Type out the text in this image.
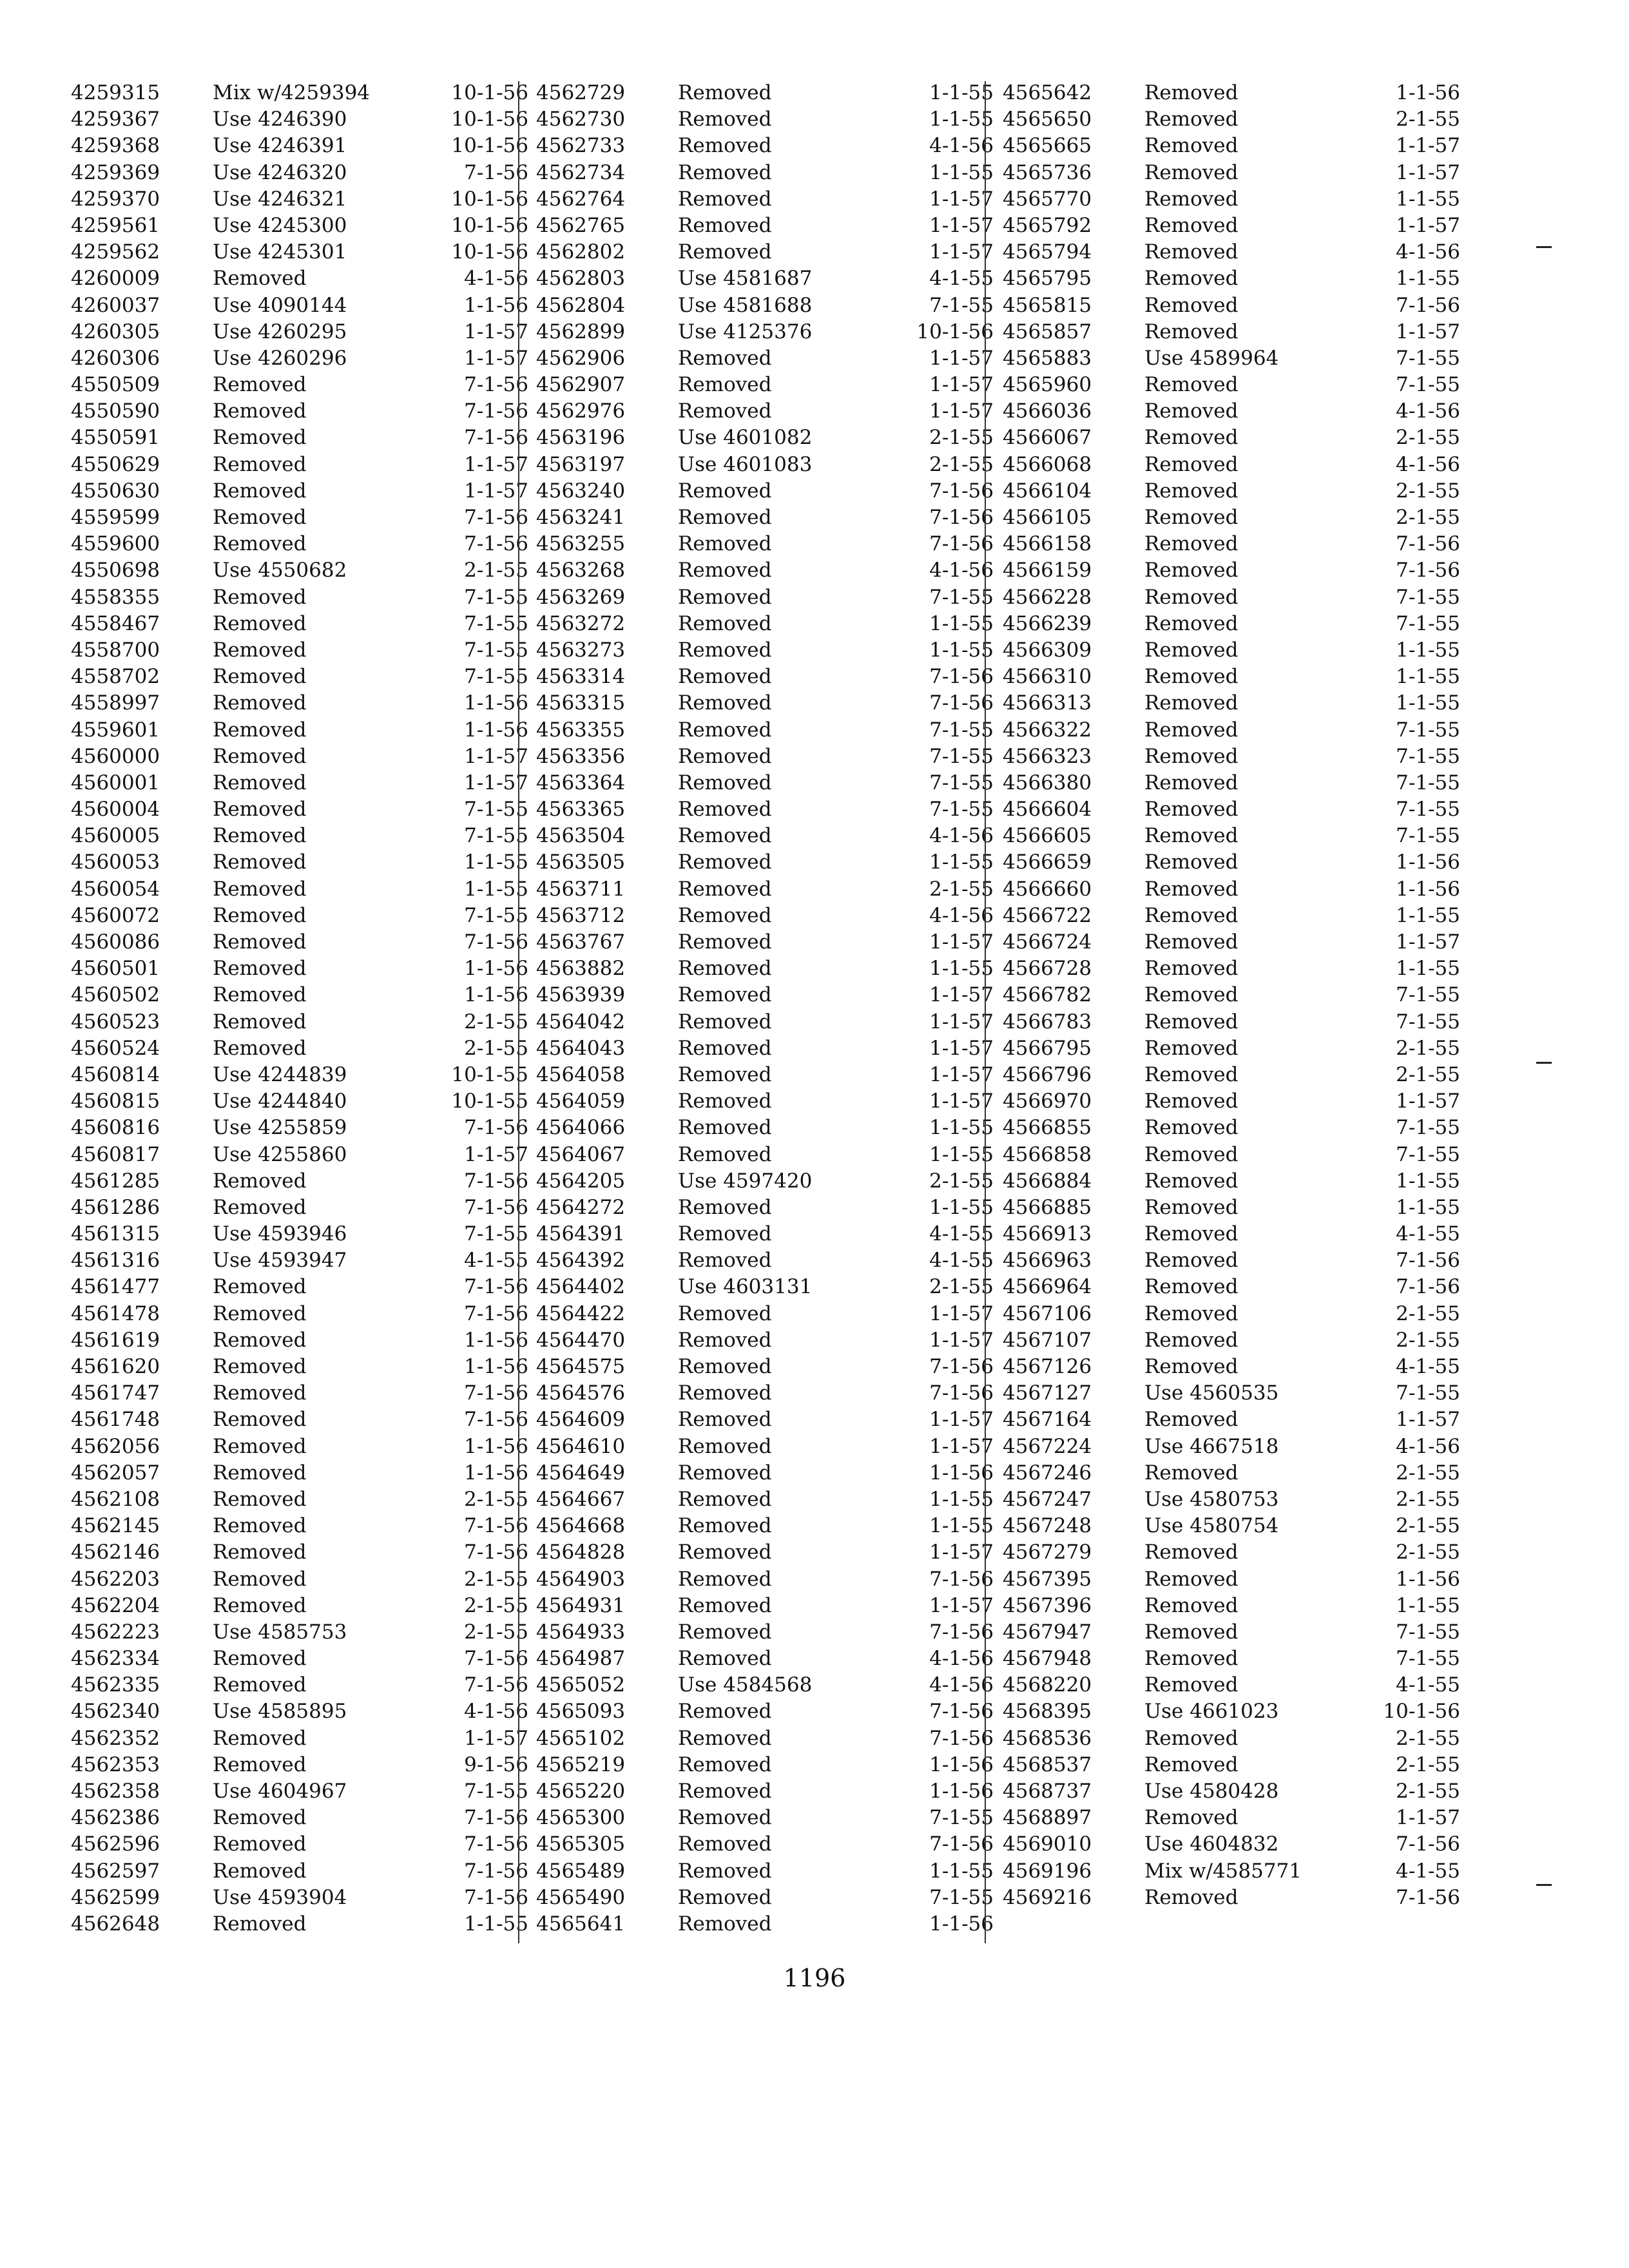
4259315	Mix w/4259394	10-1-56
4259367	Use 4246390	10-1-56
4259368	Use 4246391	10-1-56
4259369	Use 4246320	7-1-56
4259370	Use 4246321	10-1-56
4259561	Use 4245300	10-1-56
4259562	Use 4245301	10-1-56
4260009	Removed	4-1-56
4260037	Use 4090144	1-1-56
4260305	Use 4260295	1-1-57
4260306	Use 4260296	1-1-57
4550509	Removed	7-1-56
4550590	Removed	7-1-56
4550591	Removed	7-1-56
4550629	Removed	1-1-57
4550630	Removed	1-1-57
4559599	Removed	7-1-56
4559600	Removed	7-1-56
4550698	Use 4550682	2-1-55
4558355	Removed	7-1-55
4558467	Removed	7-1-55
4558700	Removed	7-1-55
4558702	Removed	7-1-55
4558997	Removed	1-1-56
4559601	Removed	1-1-56
4560000	Removed	1-1-57
4560001	Removed	1-1-57
4560004	Removed	7-1-55
4560005	Removed	7-1-55
4560053	Removed	1-1-55
4560054	Removed	1-1-55
4560072	Removed	7-1-55
4560086	Removed	7-1-56
4560501	Removed	1-1-56
4560502	Removed	1-1-56
4560523	Removed	2-1-55
4560524	Removed	2-1-55
4560814	Use 4244839	10-1-55
4560815	Use 4244840	10-1-55
4560816	Use 4255859	7-1-56
4560817	Use 4255860	1-1-57
4561285	Removed	7-1-56
4561286	Removed	7-1-56
4561315	Use 4593946	7-1-55
4561316	Use 4593947	4-1-55
4561477	Removed	7-1-56
4561478	Removed	7-1-56
4561619	Removed	1-1-56
4561620	Removed	1-1-56
4561747	Removed	7-1-56
4561748	Removed	7-1-56
4562056	Removed	1-1-56
4562057	Removed	1-1-56
4562108	Removed	2-1-55
4562145	Removed	7-1-56
4562146	Removed	7-1-56
4562203	Removed	2-1-55
4562204	Removed	2-1-55
4562223	Use 4585753	2-1-55
4562334	Removed	7-1-56
4562335	Removed	7-1-56
4562340	Use 4585895	4-1-56
4562352	Removed	1-1-57
4562353	Removed	9-1-56
4562358	Use 4604967	7-1-55
4562386	Removed	7-1-56
4562596	Removed	7-1-56
4562597	Removed	7-1-56
4562599	Use 4593904	7-1-56
4562648	Removed	1-1-55
4562729	Removed	1-1-55
4562730	Removed	1-1-55
4562733	Removed	4-1-56
4562734	Removed	1-1-55
4562764	Removed	1-1-57
4562765	Removed	1-1-57
4562802	Removed	1-1-57
4562803	Use 4581687	4-1-55
4562804	Use 4581688	7-1-55
4562899	Use 4125376	10-1-56
4562906	Removed	1-1-57
4562907	Removed	1-1-57
4562976	Removed	1-1-57
4563196	Use 4601082	2-1-55
4563197	Use 4601083	2-1-55
4563240	Removed	7-1-56
4563241	Removed	7-1-56
4563255	Removed	7-1-56
4563268	Removed	4-1-56
4563269	Removed	7-1-55
4563272	Removed	1-1-55
4563273	Removed	1-1-55
4563314	Removed	7-1-56
4563315	Removed	7-1-56
4563355	Removed	7-1-55
4563356	Removed	7-1-55
4563364	Removed	7-1-55
4563365	Removed	7-1-55
4563504	Removed	4-1-56
4563505	Removed	1-1-55
4563711	Removed	2-1-55
4563712	Removed	4-1-56
4563767	Removed	1-1-57
4563882	Removed	1-1-55
4563939	Removed	1-1-57
4564042	Removed	1-1-57
4564043	Removed	1-1-57
4564058	Removed	1-1-57
4564059	Removed	1-1-57
4564066	Removed	1-1-55
4564067	Removed	1-1-55
4564205	Use 4597420	2-1-55
4564272	Removed	1-1-55
4564391	Removed	4-1-55
4564392	Removed	4-1-55
4564402	Use 4603131	2-1-55
4564422	Removed	1-1-57
4564470	Removed	1-1-57
4564575	Removed	7-1-56
4564576	Removed	7-1-56
4564609	Removed	1-1-57
4564610	Removed	1-1-57
4564649	Removed	1-1-56
4564667	Removed	1-1-55
4564668	Removed	1-1-55
4564828	Removed	1-1-57
4564903	Removed	7-1-56
4564931	Removed	1-1-57
4564933	Removed	7-1-56
4564987	Removed	4-1-56
4565052	Use 4584568	4-1-56
4565093	Removed	7-1-56
4565102	Removed	7-1-56
4565219	Removed	1-1-56
4565220	Removed	1-1-56
4565300	Removed	7-1-55
4565305	Removed	7-1-56
4565489	Removed	1-1-55
4565490	Removed	7-1-55
4565641	Removed	1-1-56
4565642	Removed	1-1-56
4565650	Removed	2-1-55
4565665	Removed	1-1-57
4565736	Removed	1-1-57
4565770	Removed	1-1-55
4565792	Removed	1-1-57
4565794	Removed	4-1-56
4565795	Removed	1-1-55
4565815	Removed	7-1-56
4565857	Removed	1-1-57
4565883	Use 4589964	7-1-55
4565960	Removed	7-1-55
4566036	Removed	4-1-56
4566067	Removed	2-1-55
4566068	Removed	4-1-56
4566104	Removed	2-1-55
4566105	Removed	2-1-55
4566158	Removed	7-1-56
4566159	Removed	7-1-56
4566228	Removed	7-1-55
4566239	Removed	7-1-55
4566309	Removed	1-1-55
4566310	Removed	1-1-55
4566313	Removed	1-1-55
4566322	Removed	7-1-55
4566323	Removed	7-1-55
4566380	Removed	7-1-55
4566604	Removed	7-1-55
4566605	Removed	7-1-55
4566659	Removed	1-1-56
4566660	Removed	1-1-56
4566722	Removed	1-1-55
4566724	Removed	1-1-57
4566728	Removed	1-1-55
4566782	Removed	7-1-55
4566783	Removed	7-1-55
4566795	Removed	2-1-55
4566796	Removed	2-1-55
4566970	Removed	1-1-57
4566855	Removed	7-1-55
4566858	Removed	7-1-55
4566884	Removed	1-1-55
4566885	Removed	1-1-55
4566913	Removed	4-1-55
4566963	Removed	7-1-56
4566964	Removed	7-1-56
4567106	Removed	2-1-55
4567107	Removed	2-1-55
4567126	Removed	4-1-55
4567127	Use 4560535	7-1-55
4567164	Removed	1-1-57
4567224	Use 4667518	4-1-56
4567246	Removed	2-1-55
4567247	Use 4580753	2-1-55
4567248	Use 4580754	2-1-55
4567279	Removed	2-1-55
4567395	Removed	1-1-56
4567396	Removed	1-1-55
4567947	Removed	7-1-55
4567948	Removed	7-1-55
4568220	Removed	4-1-55
4568395	Use 4661023	10-1-56
4568536	Removed	2-1-55
4568537	Removed	2-1-55
4568737	Use 4580428	2-1-55
4568897	Removed	1-1-57
4569010	Use 4604832	7-1-56
4569196	Mix w/4585771	4-1-55
4569216	Removed	7-1-56
1196
